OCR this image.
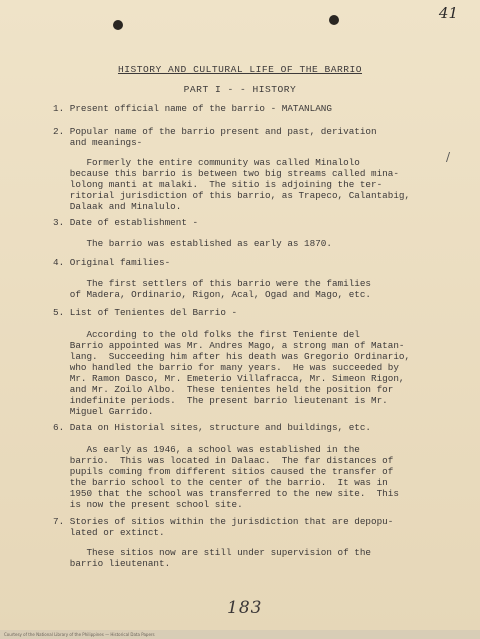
41
HISTORY AND CULTURAL LIFE OF THE BARRIO
PART I - - HISTORY
/
1. Present official name of the barrio - MATANLANG
2. Popular name of the barrio present and past, derivation
and meanings-
Formerly the entire community was called Minalolo
because this barrio is between two big streams called mina-
lolong manti at malaki.  The sitio is adjoining the ter-
ritorial jurisdiction of this barrio, as Trapeco, Calantabig,
Dalaak and Minalulo.
3. Date of establishment -
The barrio was established as early as 1870.
4. Original families-
The first settlers of this barrio were the families
of Madera, Ordinario, Rigon, Acal, Ogad and Mago, etc.
5. List of Tenientes del Barrio -
According to the old folks the first Teniente del
Barrio appointed was Mr. Andres Mago, a strong man of Matan-
lang.  Succeeding him after his death was Gregorio Ordinario,
who handled the barrio for many years.  He was succeeded by
Mr. Ramon Dasco, Mr. Emeterio Villafracca, Mr. Simeon Rigon,
and Mr. Zoilo Albo.  These tenientes held the position for
indefinite periods.  The present barrio lieutenant is Mr.
Miguel Garrido.
6. Data on Historial sites, structure and buildings, etc.
As early as 1946, a school was established in the
barrio.  This was located in Dalaac.  The far distances of
pupils coming from different sitios caused the transfer of
the barrio school to the center of the barrio.  It was in
1950 that the school was transferred to the new site.  This
is now the present school site.
7. Stories of sitios within the jurisdiction that are depopu-
lated or extinct.
These sitios now are still under supervision of the
barrio lieutenant.
183
Courtesy of the National Library of the Philippines — Historical Data Papers
